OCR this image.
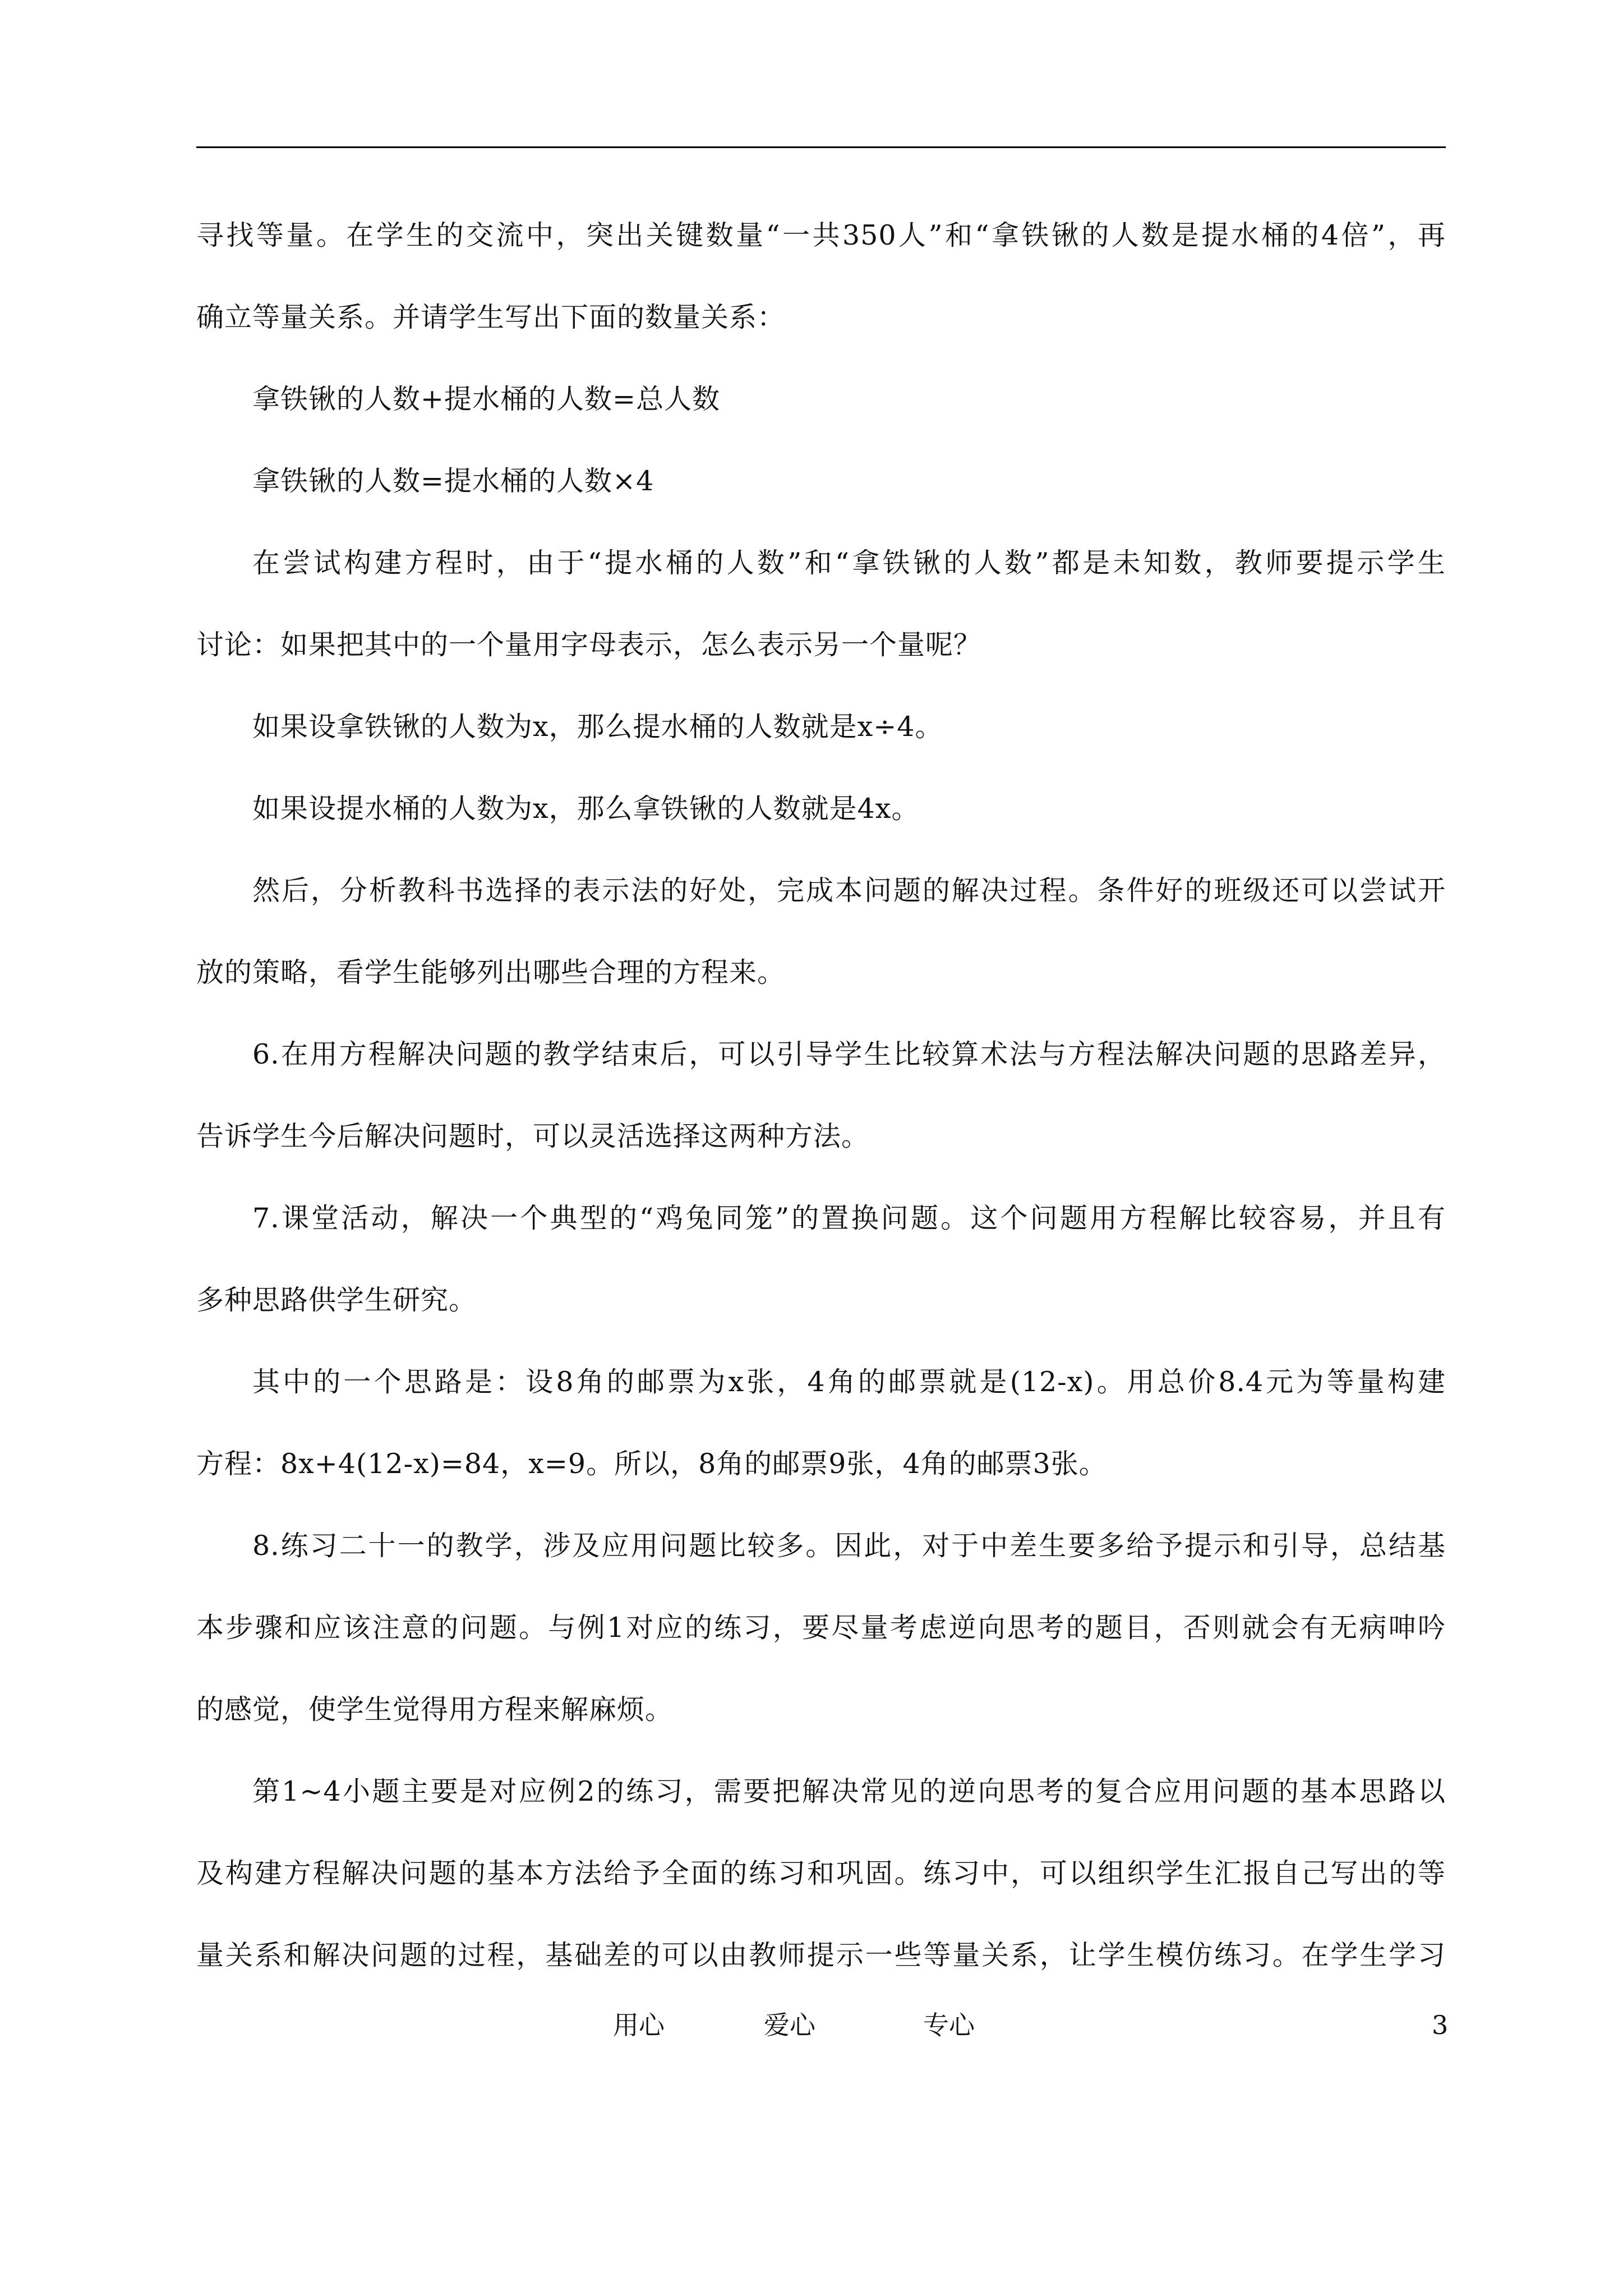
寻找等量。在学生的交流中，突出关键数量“一共350人”和“拿铁锹的人数是提水桶的4倍”，再
确立等量关系。并请学生写出下面的数量关系：
拿铁锹的人数+提水桶的人数=总人数
拿铁锹的人数=提水桶的人数×4
在尝试构建方程时，由于“提水桶的人数”和“拿铁锹的人数”都是未知数，教师要提示学生
讨论：如果把其中的一个量用字母表示，怎么表示另一个量呢？
如果设拿铁锹的人数为x，那么提水桶的人数就是x÷4。
如果设提水桶的人数为x，那么拿铁锹的人数就是4x。
然后，分析教科书选择的表示法的好处，完成本问题的解决过程。条件好的班级还可以尝试开
放的策略，看学生能够列出哪些合理的方程来。
6.在用方程解决问题的教学结束后，可以引导学生比较算术法与方程法解决问题的思路差异，
告诉学生今后解决问题时，可以灵活选择这两种方法。
7.课堂活动，解决一个典型的“鸡兔同笼”的置换问题。这个问题用方程解比较容易，并且有
多种思路供学生研究。
其中的一个思路是：设8角的邮票为x张，4角的邮票就是(12-x)。用总价8.4元为等量构建
方程：8x+4(12-x)=84，x=9。所以，8角的邮票9张，4角的邮票3张。
8.练习二十一的教学，涉及应用问题比较多。因此，对于中差生要多给予提示和引导，总结基
本步骤和应该注意的问题。与例1对应的练习，要尽量考虑逆向思考的题目，否则就会有无病呻吟
的感觉，使学生觉得用方程来解麻烦。
第1~4小题主要是对应例2的练习，需要把解决常见的逆向思考的复合应用问题的基本思路以
及构建方程解决问题的基本方法给予全面的练习和巩固。练习中，可以组织学生汇报自己写出的等
量关系和解决问题的过程，基础差的可以由教师提示一些等量关系，让学生模仿练习。在学生学习
用心	爱心	专心	3
